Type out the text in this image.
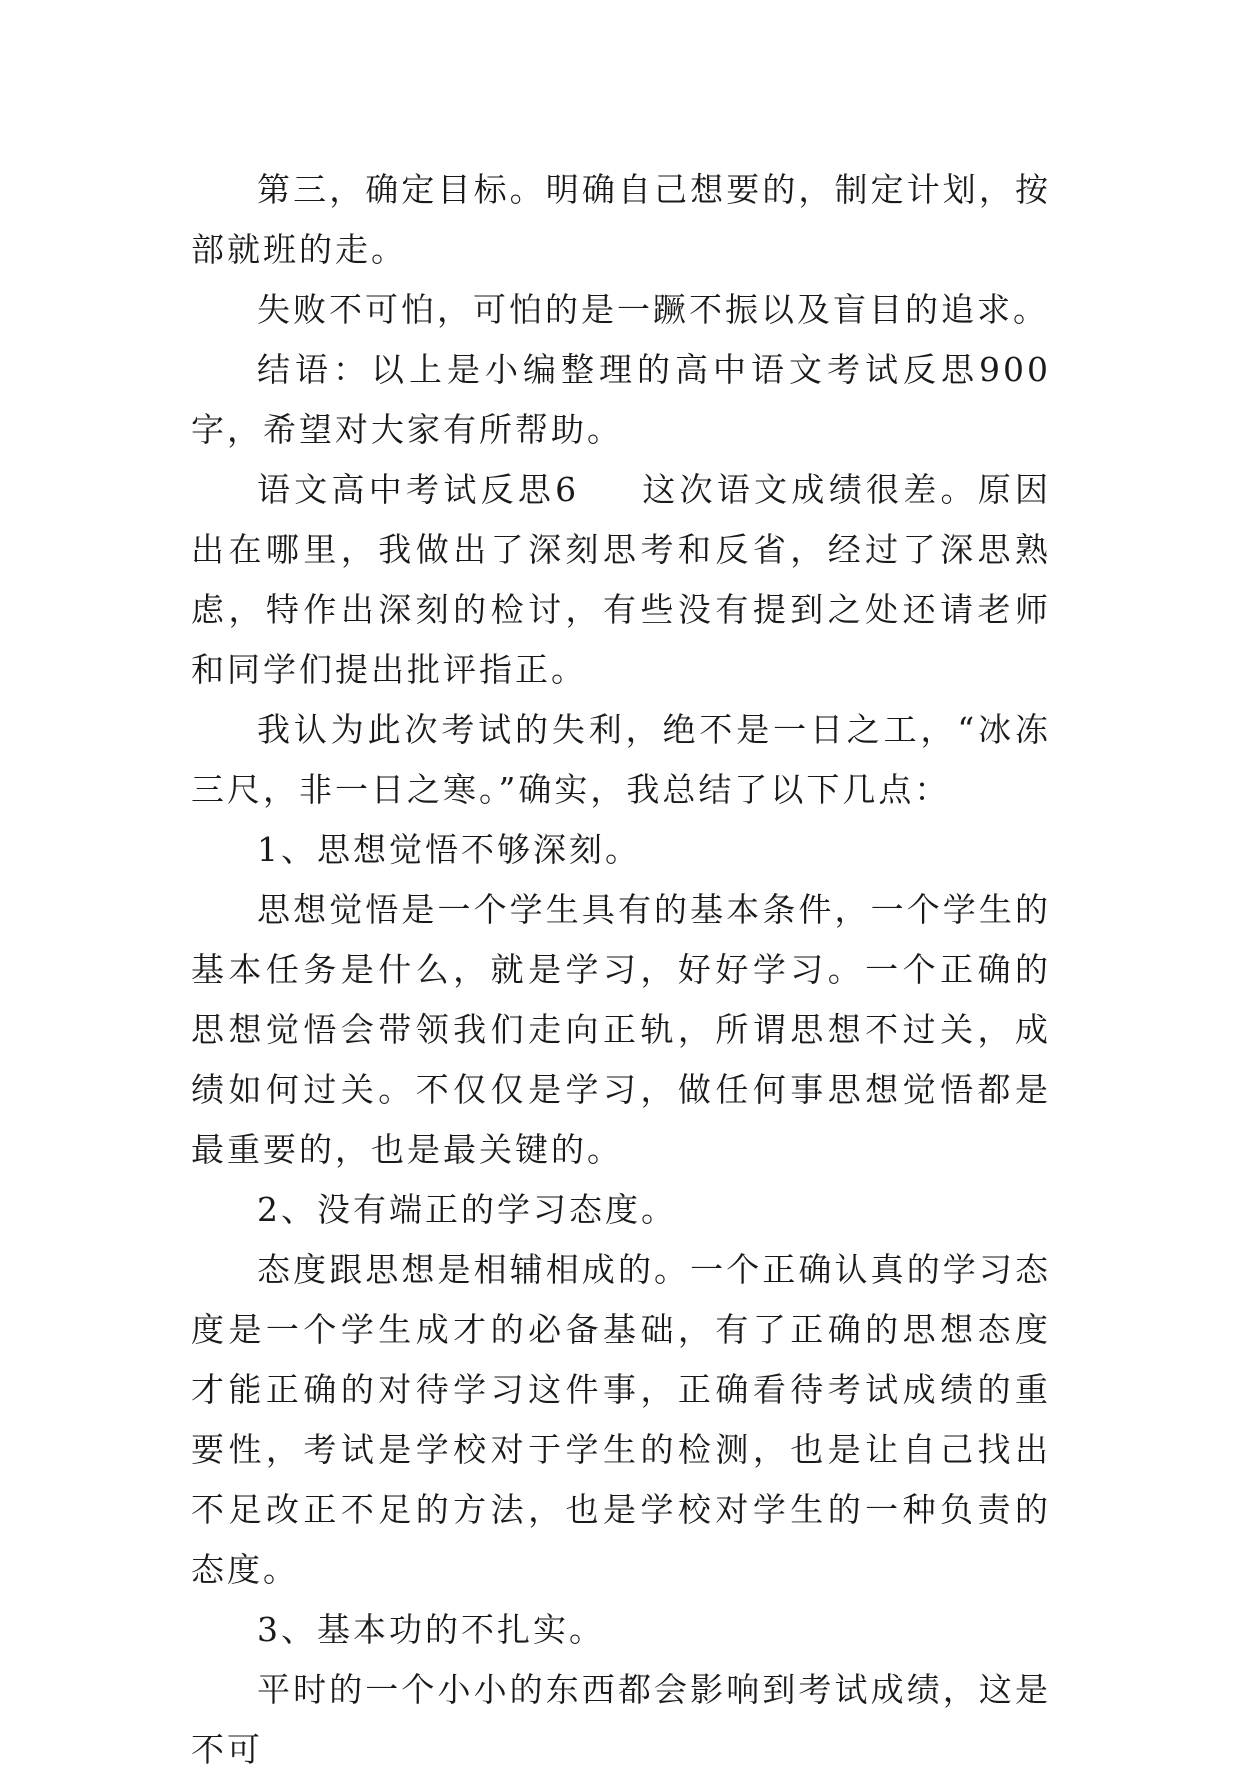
第三，确定目标。明确自己想要的，制定计划，按部就班的走。

失败不可怕，可怕的是一蹶不振以及盲目的追求。

结语：以上是小编整理的高中语文考试反思900字，希望对大家有所帮助。

语文高中考试反思6 这次语文成绩很差。原因出在哪里，我做出了深刻思考和反省，经过了深思熟虑，特作出深刻的检讨，有些没有提到之处还请老师和同学们提出批评指正。

我认为此次考试的失利，绝不是一日之工，“冰冻三尺，非一日之寒。”确实，我总结了以下几点：

1、思想觉悟不够深刻。

思想觉悟是一个学生具有的基本条件，一个学生的基本任务是什么，就是学习，好好学习。一个正确的思想觉悟会带领我们走向正轨，所谓思想不过关，成绩如何过关。不仅仅是学习，做任何事思想觉悟都是最重要的，也是最关键的。

2、没有端正的学习态度。

态度跟思想是相辅相成的。一个正确认真的学习态度是一个学生成才的必备基础，有了正确的思想态度才能正确的对待学习这件事，正确看待考试成绩的重要性，考试是学校对于学生的检测，也是让自己找出不足改正不足的方法，也是学校对学生的一种负责的态度。

3、基本功的不扎实。

平时的一个小小的东西都会影响到考试成绩，这是不可
